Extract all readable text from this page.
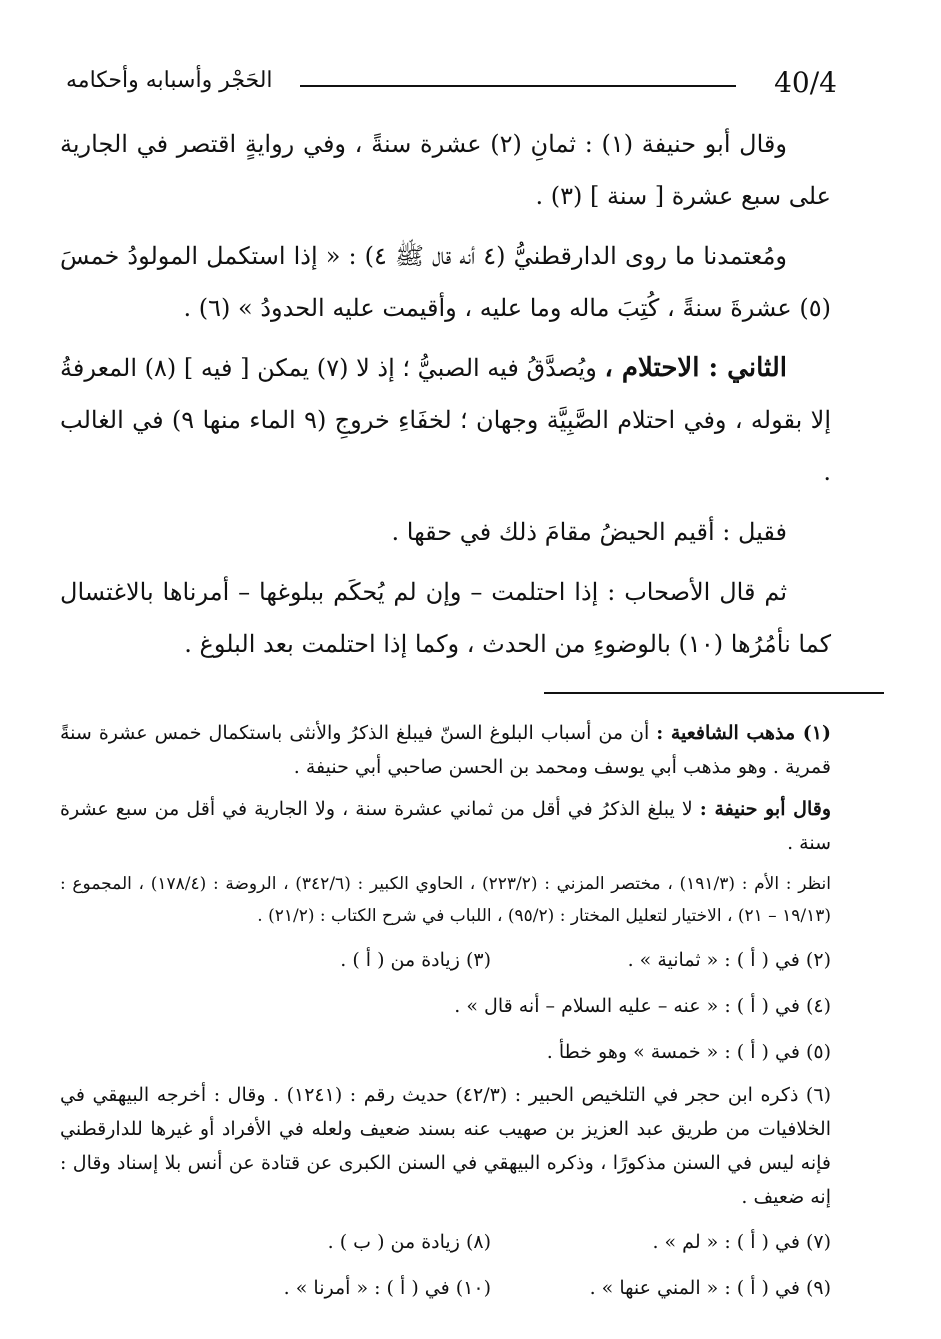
40/4
الحَجْر وأسبابه وأحكامه

وقال أبو حنيفة (١) : ثمانِ (٢) عشرة سنةً ، وفي روايةٍ اقتصر في الجارية على سبع عشرة [ سنة ] (٣) .

ومُعتمدنا ما روى الدارقطنيُّ (٤ أنه قال ﷺ ٤) : « إذا استكمل المولودُ خمسَ (٥) عشرةَ سنةً ، كُتِبَ ماله وما عليه ، وأقيمت عليه الحدودُ » (٦) .

الثاني : الاحتلام ، ويُصدَّقُ فيه الصبيُّ ؛ إذ لا (٧) يمكن [ فيه ] (٨) المعرفةُ إلا بقوله ، وفي احتلام الصَّبِيَّة وجهان ؛ لخفَاءِ خروجِ (٩ الماء منها ٩) في الغالب .

فقيل : أقيم الحيضُ مقامَ ذلك في حقها .

ثم قال الأصحاب : إذا احتلمت – وإن لم يُحكَم ببلوغها – أمرناها بالاغتسال كما نأمُرُها (١٠) بالوضوءِ من الحدث ، وكما إذا احتلمت بعد البلوغ .

(١) مذهب الشافعية : أن من أسباب البلوغ السنّ فيبلغ الذكرُ والأنثى باستكمال خمس عشرة سنةً قمرية . وهو مذهب أبي يوسف ومحمد بن الحسن صاحبي أبي حنيفة .

وقال أبو حنيفة : لا يبلغ الذكرُ في أقل من ثماني عشرة سنة ، ولا الجارية في أقل من سبع عشرة سنة .

انظر : الأم : (١٩١/٣) ، مختصر المزني : (٢٢٣/٢) ، الحاوي الكبير : (٣٤٢/٦) ، الروضة : (١٧٨/٤) ، المجموع : (١٩/١٣ – ٢١) ، الاختيار لتعليل المختار : (٩٥/٢) ، اللباب في شرح الكتاب : (٢١/٢) .

(٢) في ( أ ) : « ثمانية » .
(٣) زيادة من ( أ ) .
(٤) في ( أ ) : « عنه – عليه السلام – أنه قال » .
(٥) في ( أ ) : « خمسة » وهو خطأ .

(٦) ذكره ابن حجر في التلخيص الحبير : (٤٢/٣) حديث رقم : (١٢٤١) . وقال : أخرجه البيهقي في الخلافيات من طريق عبد العزيز بن صهيب عنه بسند ضعيف ولعله في الأفراد أو غيرها للدارقطني فإنه ليس في السنن مذكورًا ، وذكره البيهقي في السنن الكبرى عن قتادة عن أنس بلا إسناد وقال : إنه ضعيف .

(٧) في ( أ ) : « لم » .
(٨) زيادة من ( ب ) .
(٩) في ( أ ) : « المني عنها » .
(١٠) في ( أ ) : « أمرنا » .
